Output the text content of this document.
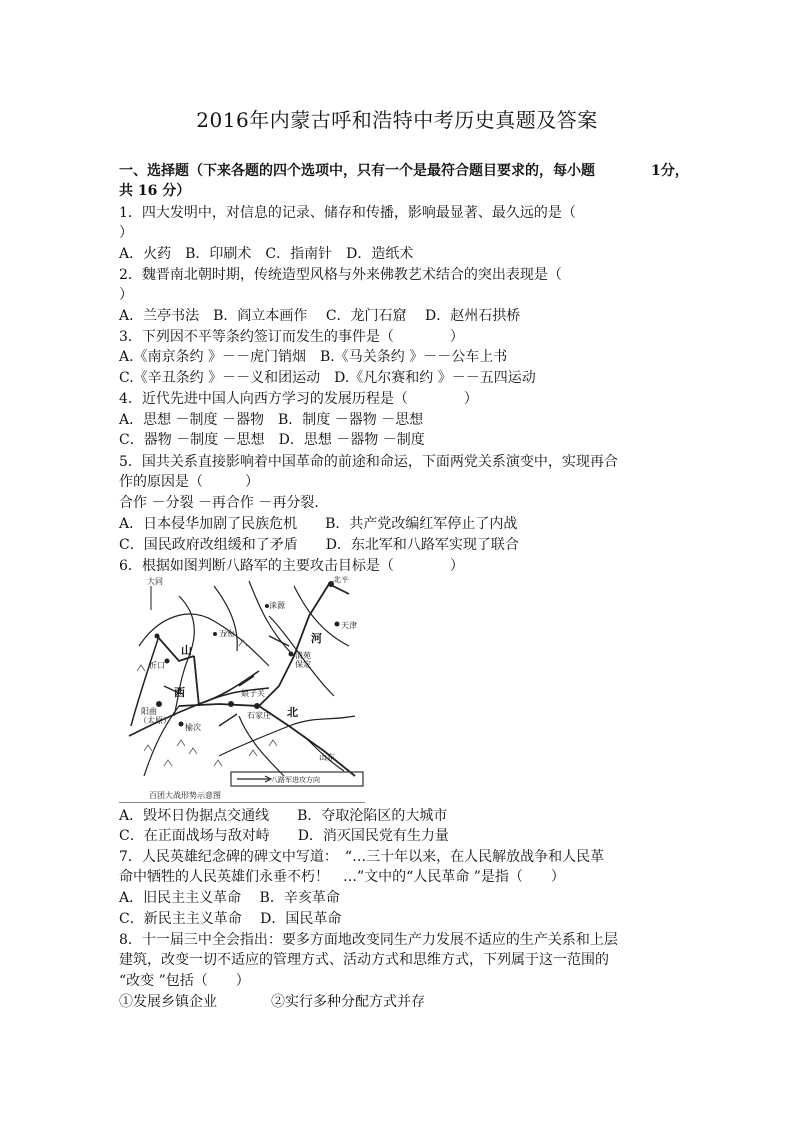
2016年内蒙古呼和浩特中考历史真题及答案
一、选择题（下来各题的四个选项中，只有一个是最符合题目要求的，每小题	1分，
共 16 分）
1．四大发明中，对信息的记录、储存和传播，影响最显著、最久远的是（
）
A．火药　B．印刷术　C．指南针　D．造纸术
2．魏晋南北朝时期，传统造型风格与外来佛教艺术结合的突出表现是（
）
A．兰亭书法　B．阎立本画作　 C．龙门石窟　 D．赵州石拱桥
3．下列因不平等条约签订而发生的事件是（　　　　）
A.《南京条约 》－－虎门销烟　B.《马关条约 》－－公车上书
C.《辛丑条约 》－－义和团运动　D.《凡尔赛和约 》－－五四运动
4．近代先进中国人向西方学习的发展历程是（　　　　）
A．思想 －制度 －器物　B．制度 －器物 －思想
C．器物 －制度 －思想　D．思想 －器物 －制度
5．国共关系直接影响着中国革命的前途和命运，下面两党关系演变中，实现再合
作的原因是（　　　）
合作 －分裂 －再合作 －再分裂．
A．日本侵华加剧了民族危机　　B．共产党改编红军停止了内战
C．国民政府改组缓和了矛盾　　D．东北军和八路军实现了联合
6．根据如图判断八路军的主要攻击目标是（　　　　）
大同	北平
天津
五台
涞源
忻口
清苑
保定
娘子关
石家庄
阳曲
（太原）
榆次
山东
八路军进攻方向
百团大战形势示意图
山
西
河
北
A．毁坏日伪据点交通线　　B．夺取沦陷区的大城市
C．在正面战场与敌对峙　　D．消灭国民党有生力量
7．人民英雄纪念碑的碑文中写道：　“…三十年以来，在人民解放战争和人民革
命中牺牲的人民英雄们永垂不朽！　…”文中的“人民革命 ”是指（　　）
A．旧民主主义革命　 B．辛亥革命
C．新民主主义革命　 D．国民革命
8．十一届三中全会指出：要多方面地改变同生产力发展不适应的生产关系和上层
建筑，改变一切不适应的管理方式、活动方式和思维方式，下列属于这一范围的
“改变 ”包括（　　）
①发展乡镇企业	②实行多种分配方式并存
